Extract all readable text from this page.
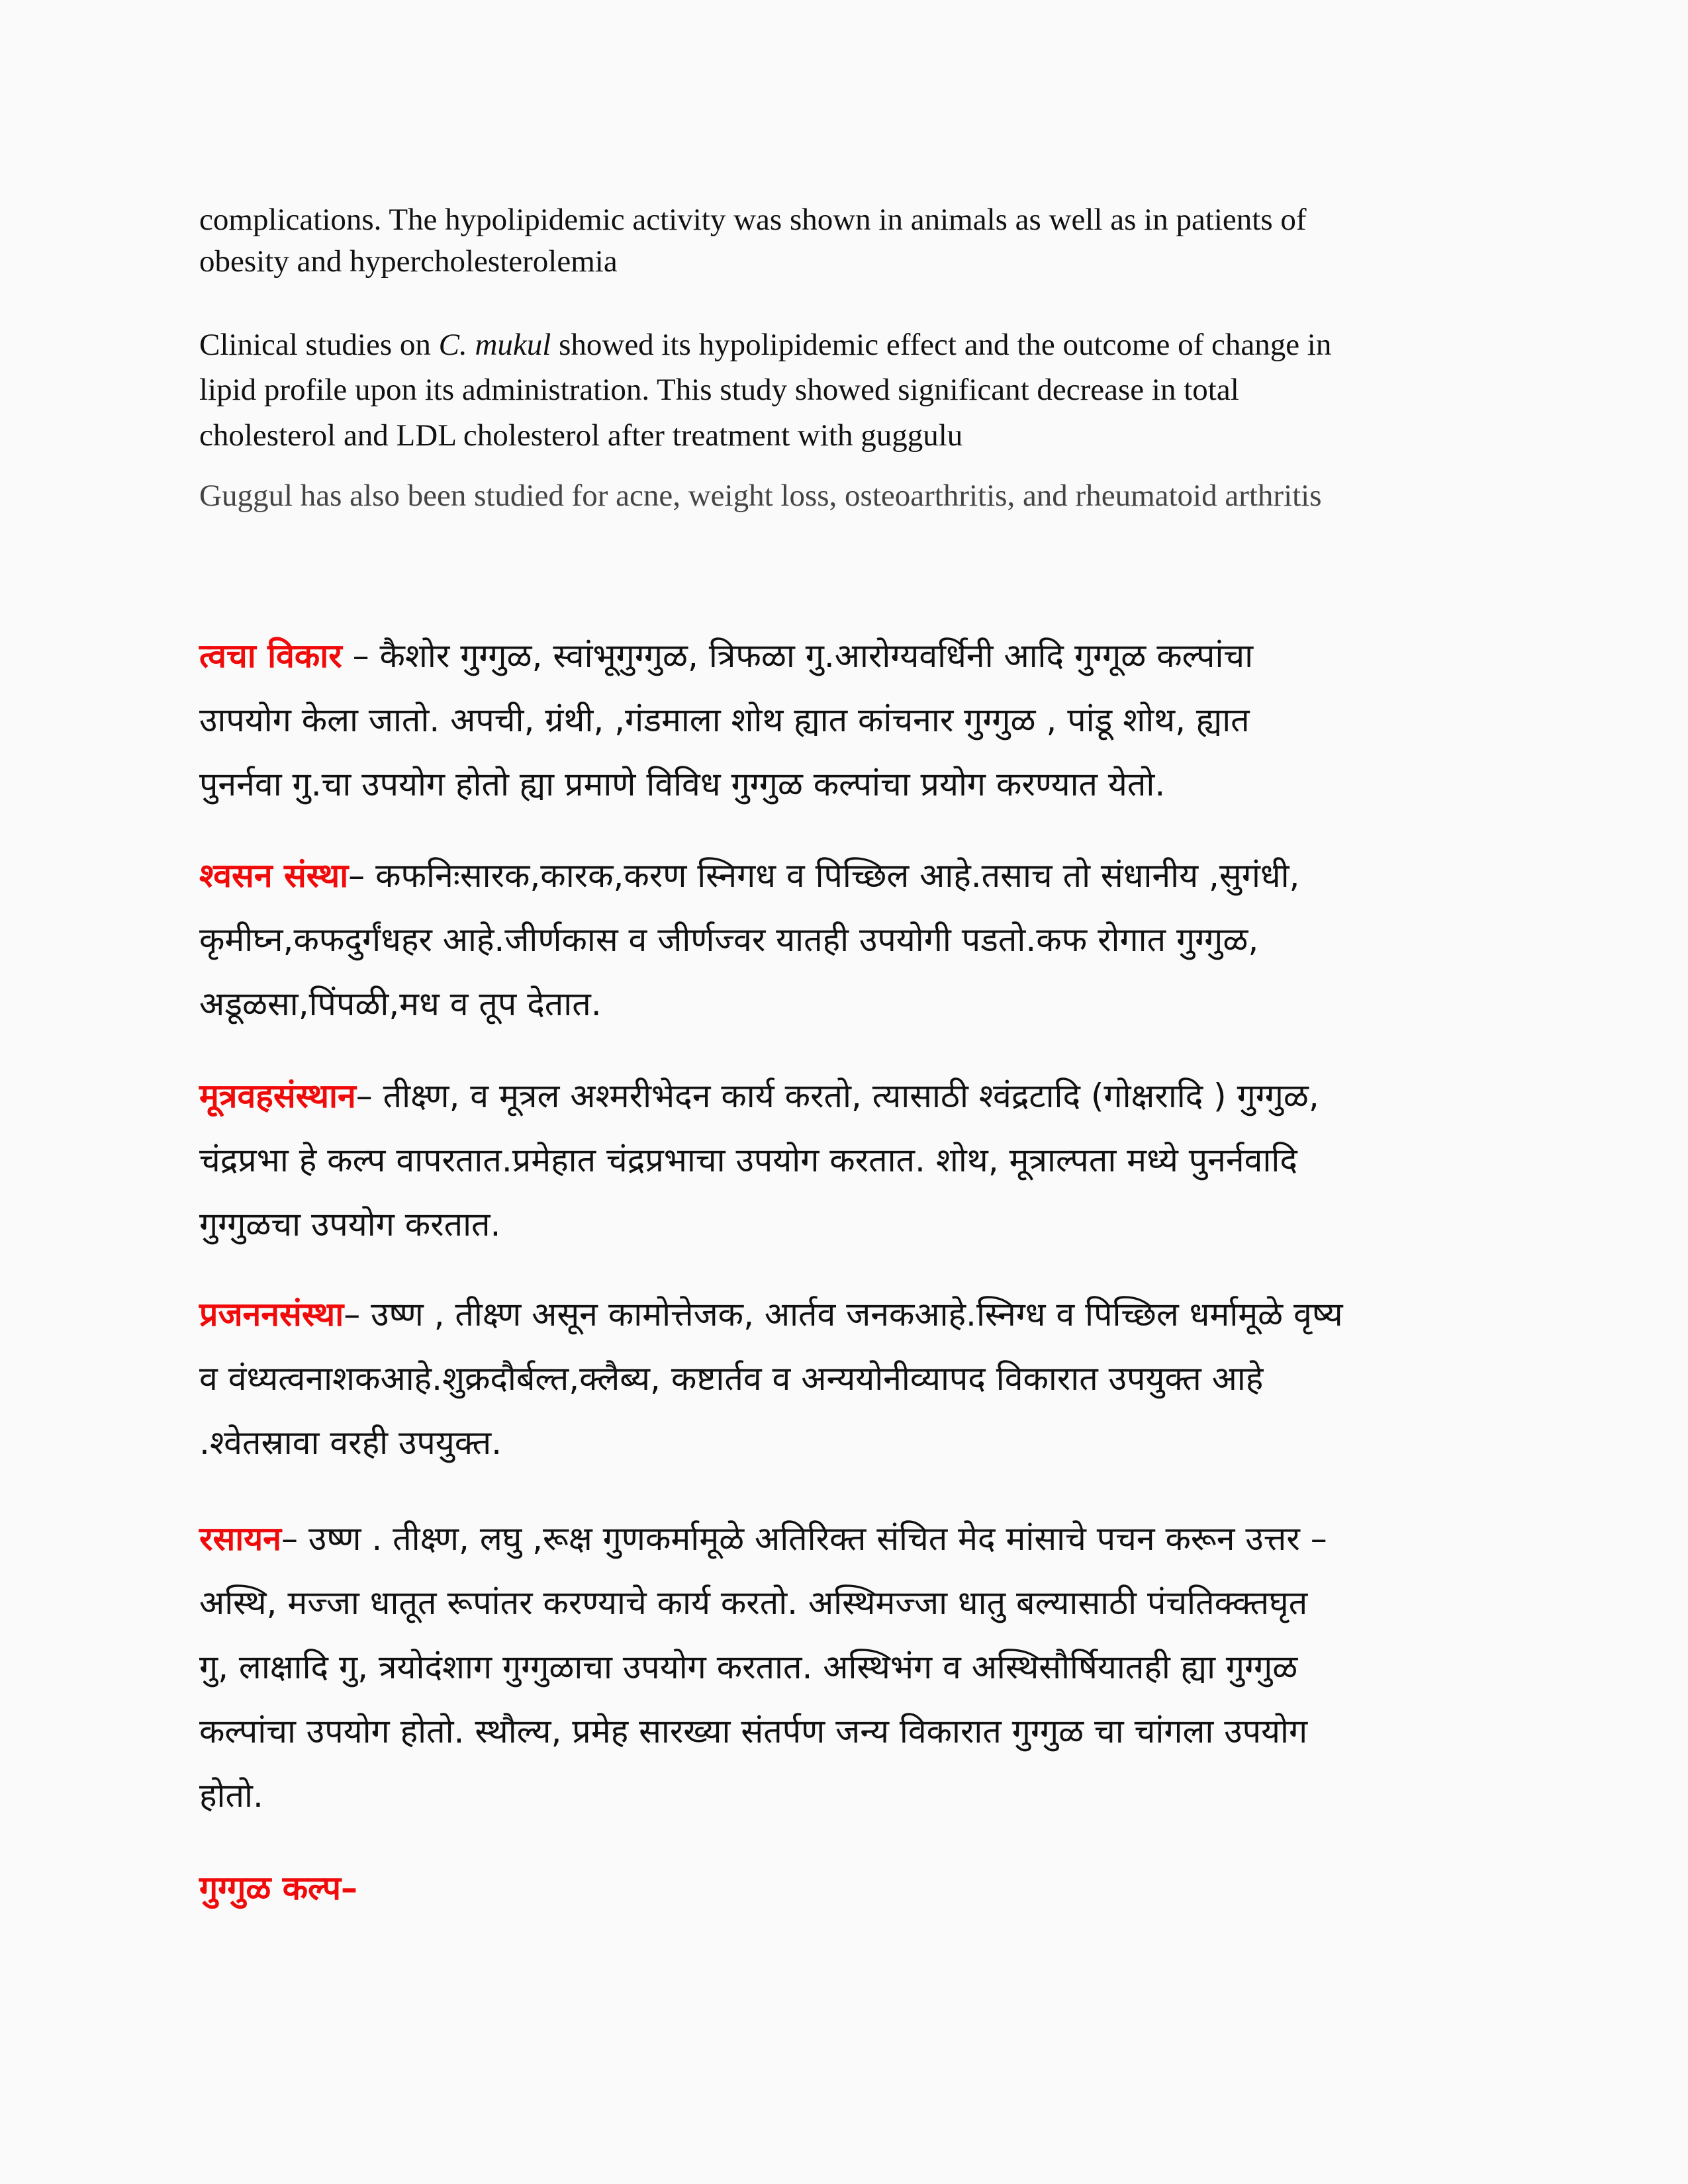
complications. The hypolipidemic activity was shown in animals as well as in patients of
obesity and hypercholesterolemia
Clinical studies on C. mukul showed its hypolipidemic effect and the outcome of change in
lipid profile upon its administration. This study showed significant decrease in total
cholesterol and LDL cholesterol after treatment with guggulu
Guggul has also been studied for acne, weight loss, osteoarthritis, and rheumatoid arthritis
त्वचा विकार – कैशोर गुग्गुळ, स्वांभूगुग्गुळ, त्रिफळा गु.आरोग्यवर्धिनी आदि गुग्गूळ कल्पांचा
उापयोग केला जातो. अपची, ग्रंथी, ,गंडमाला शोथ ह्यात कांचनार गुग्गुळ , पांडू शोथ, ह्यात
पुनर्नवा गु.चा उपयोग होतो ह्या प्रमाणे विविध गुग्गुळ कल्पांचा प्रयोग करण्यात येतो.
श्वसन संस्था– कफनिःसारक,कारक,करण स्निगध व पिच्छिल आहे.तसाच तो संधानीय ,सुगंधी,
कृमीघ्न,कफदुर्गंधहर आहे.जीर्णकास व जीर्णज्वर यातही उपयोगी पडतो.कफ रोगात गुग्गुळ,
अडूळसा,पिंपळी,मध व तूप देतात.
मूत्रवहसंस्थान– तीक्ष्ण, व मूत्रल अश्मरीभेदन कार्य करतो, त्यासाठी श्वंद्रटादि (गोक्षरादि ) गुग्गुळ,
चंद्रप्रभा हे कल्प वापरतात.प्रमेहात चंद्रप्रभाचा उपयोग करतात. शोथ, मूत्राल्पता मध्ये पुनर्नवादि
गुग्गुळचा उपयोग करतात.
प्रजननसंस्था– उष्ण , तीक्ष्ण असून कामोत्तेजक, आर्तव जनकआहे.स्निग्ध व पिच्छिल धर्मामूळे वृष्य
व वंध्यत्वनाशकआहे.शुक्रदौर्बल्त,क्लैब्य, कष्टार्तव व अन्ययोनीव्यापद विकारात उपयुक्त आहे
.श्वेतस्रावा वरही उपयुक्त.
रसायन– उष्ण . तीक्ष्ण, लघु ,रूक्ष गुणकर्मामूळे अतिरिक्त संचित मेद मांसाचे पचन करून उत्तर –
अस्थि, मज्जा धातूत रूपांतर करण्याचे कार्य करतो. अस्थिमज्जा धातु बल्यासाठी पंचतिक्क्तघृत
गु, लाक्षादि गु, त्रयोदंशाग गुग्गुळाचा उपयोग करतात. अस्थिभंग व अस्थिसौर्षियातही ह्या गुग्गुळ
कल्पांचा उपयोग होतो. स्थौल्य, प्रमेह सारख्या संतर्पण जन्य विकारात गुग्गुळ चा चांगला उपयोग
होतो.
गुग्गुळ कल्प–
